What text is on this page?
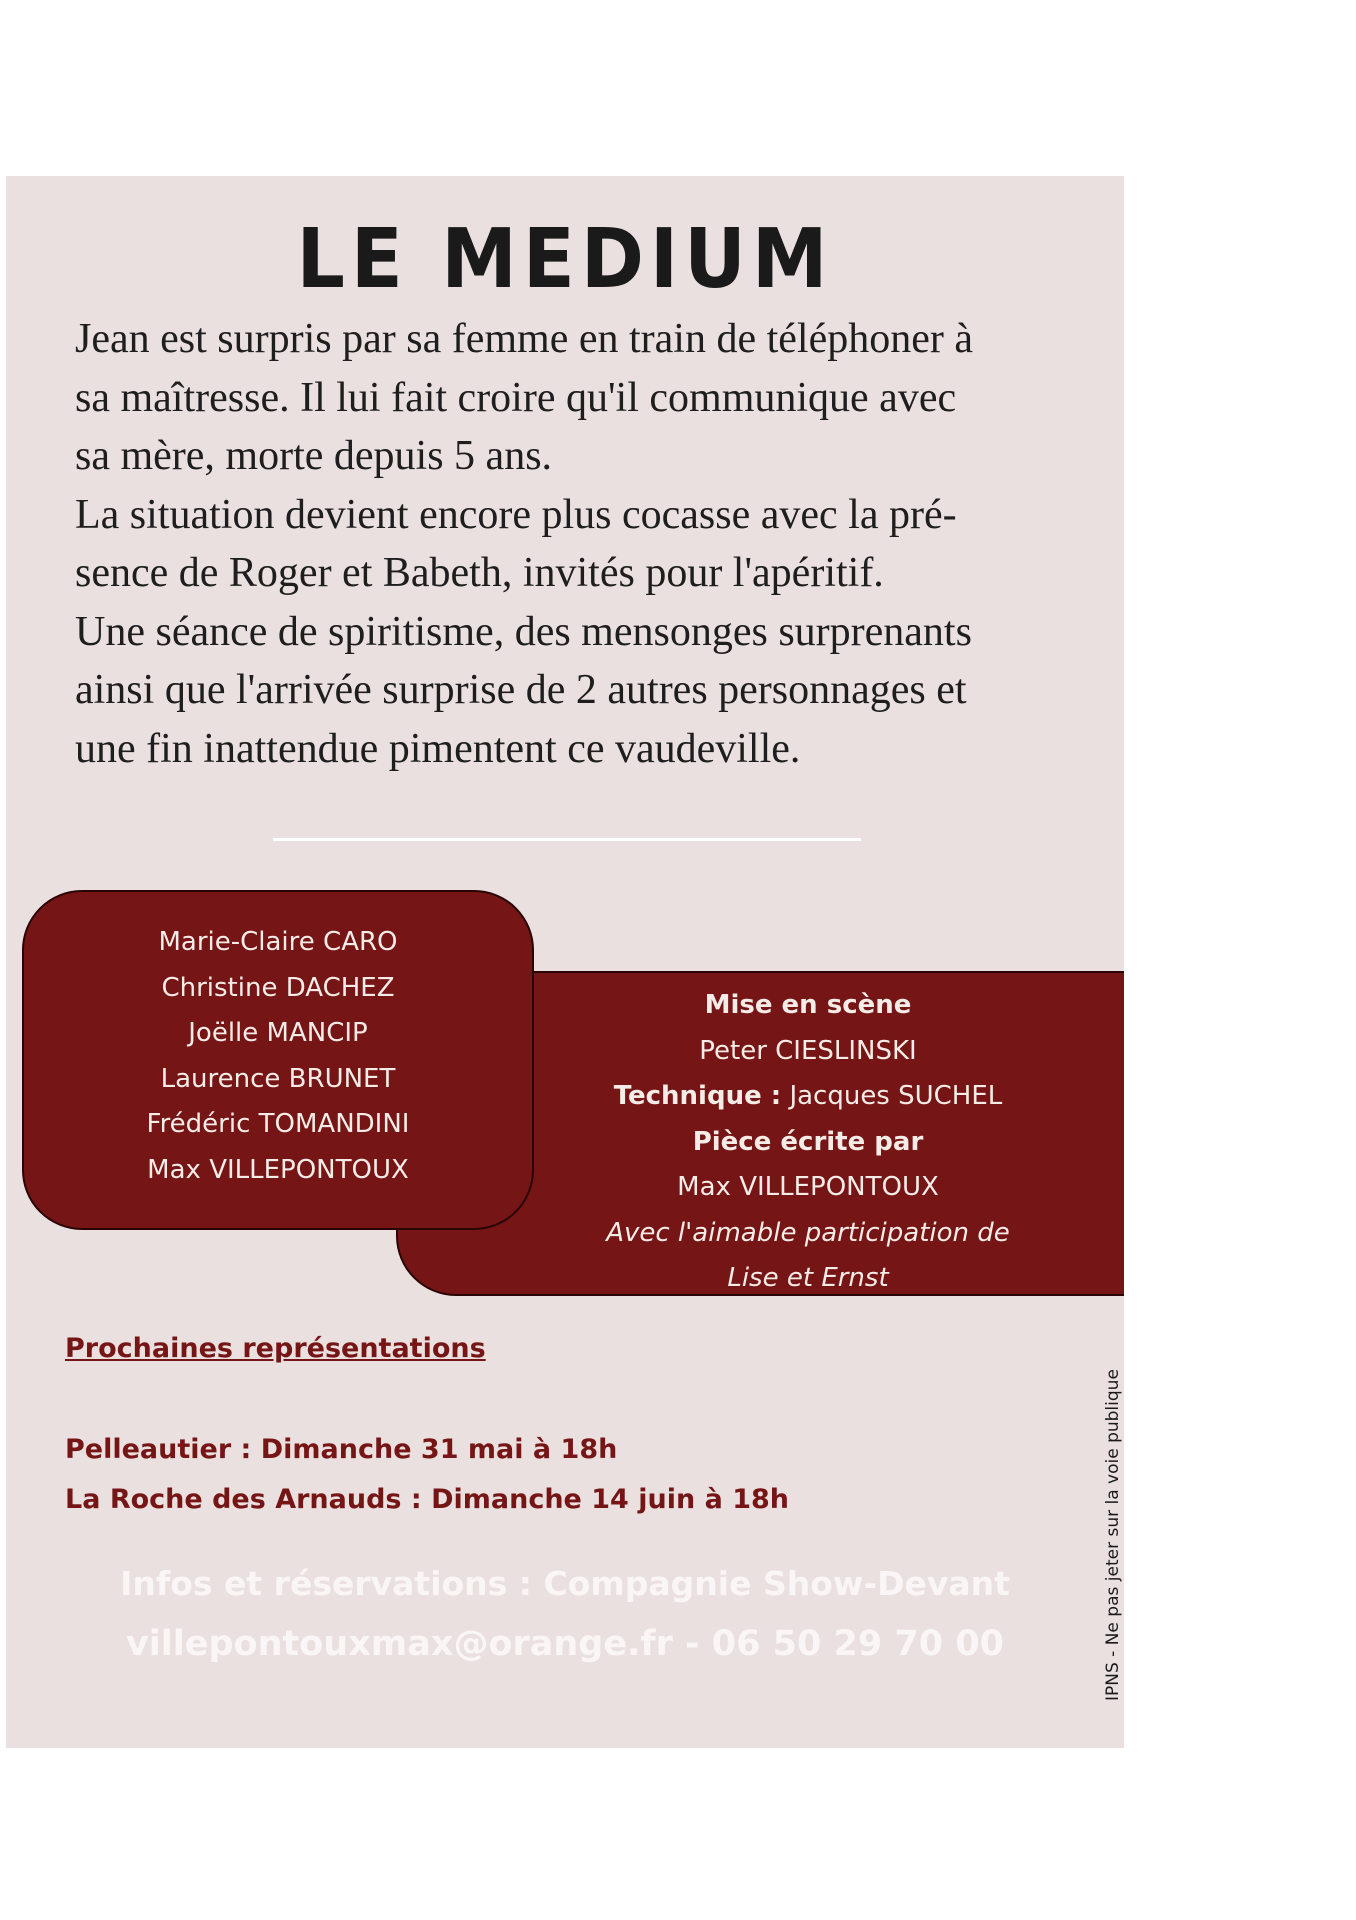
LE MEDIUM

Jean est surpris par sa femme en train de téléphoner à
sa maîtresse. Il lui fait croire qu'il communique avec
sa mère, morte depuis 5 ans.
La situation devient encore plus cocasse avec la pré-
sence de Roger et Babeth, invités pour l'apéritif.
Une séance de spiritisme, des mensonges surprenants
ainsi que l'arrivée surprise de 2 autres personnages et
une fin inattendue pimentent ce vaudeville.

Mise en scène
Peter CIESLINSKI
Technique : Jacques SUCHEL
Pièce écrite par
Max VILLEPONTOUX
Avec l'aimable participation de
Lise et Ernst
Marie-Claire CARO
Christine DACHEZ
Joëlle MANCIP
Laurence BRUNET
Frédéric TOMANDINI
Max VILLEPONTOUX
Prochaines représentations
Pelleautier : Dimanche 31 mai à 18h
La Roche des Arnauds : Dimanche 14 juin à 18h
Infos et réservations : Compagnie Show-Devant
villepontouxmax@orange.fr - 06 50 29 70 00	IPNS - Ne pas jeter sur la voie publique
